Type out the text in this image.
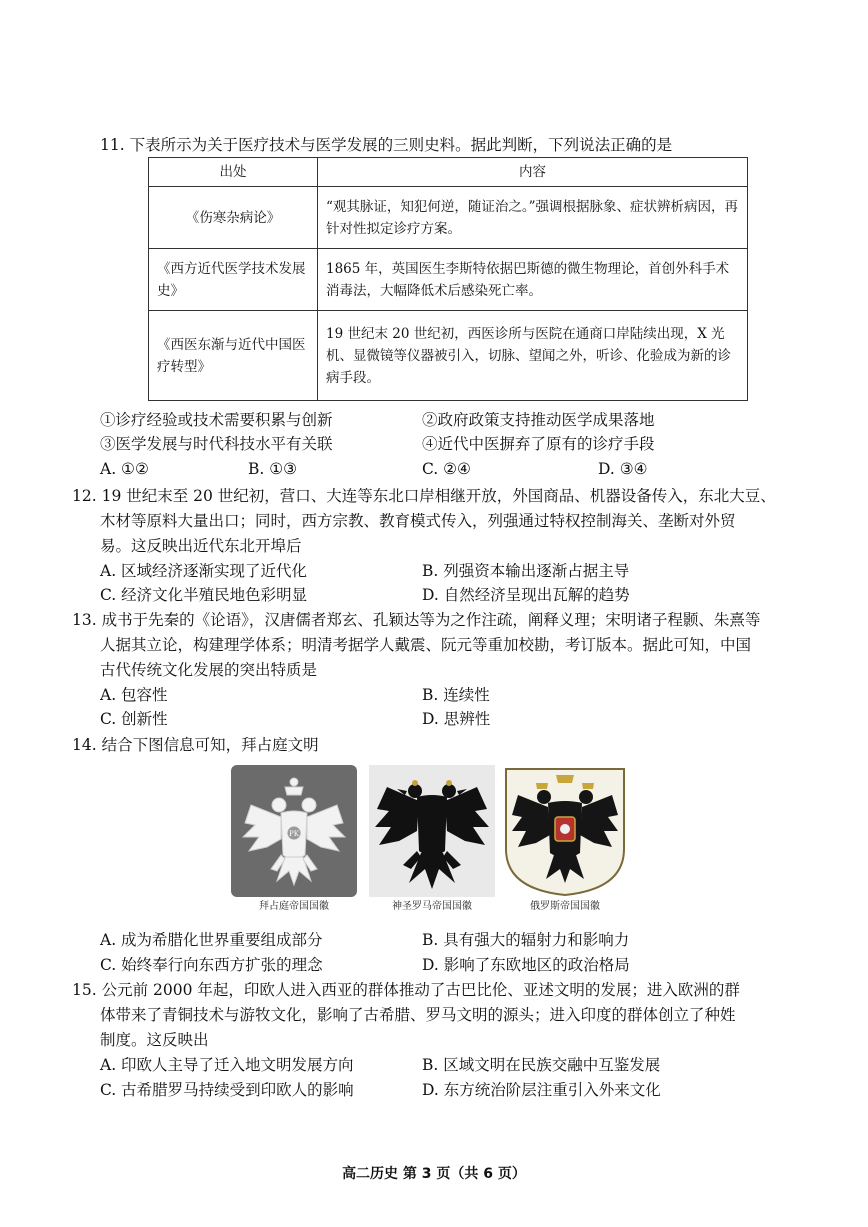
11. 下表所示为关于医疗技术与医学发展的三则史料。据此判断，下列说法正确的是
出处	内容
《伤寒杂病论》	“观其脉证，知犯何逆，随证治之。”强调根据脉象、症状辨析病因，再针对性拟定诊疗方案。
《西方近代医学技术发展史》	1865 年，英国医生李斯特依据巴斯德的微生物理论，首创外科手术消毒法，大幅降低术后感染死亡率。
《西医东渐与近代中国医疗转型》	19 世纪末 20 世纪初，西医诊所与医院在通商口岸陆续出现，X 光机、显微镜等仪器被引入，切脉、望闻之外，听诊、化验成为新的诊病手段。
①诊疗经验或技术需要积累与创新	②政府政策支持推动医学成果落地
③医学发展与时代科技水平有关联	④近代中医摒弃了原有的诊疗手段
A. ①②	B. ①③	C. ②④	D. ③④
12. 19 世纪末至 20 世纪初，营口、大连等东北口岸相继开放，外国商品、机器设备传入，东北大豆、
木材等原料大量出口；同时，西方宗教、教育模式传入，列强通过特权控制海关、垄断对外贸
易。这反映出近代东北开埠后
A. 区域经济逐渐实现了近代化	B. 列强资本输出逐渐占据主导
C. 经济文化半殖民地色彩明显	D. 自然经济呈现出瓦解的趋势
13. 成书于先秦的《论语》，汉唐儒者郑玄、孔颖达等为之作注疏，阐释义理；宋明诸子程颢、朱熹等
人据其立论，构建理学体系；明清考据学人戴震、阮元等重加校勘，考订版本。据此可知，中国
古代传统文化发展的突出特质是
A. 包容性	B. 连续性
C. 创新性	D. 思辨性
14. 结合下图信息可知，拜占庭文明
PK
拜占庭帝国国徽	神圣罗马帝国国徽	俄罗斯帝国国徽
A. 成为希腊化世界重要组成部分	B. 具有强大的辐射力和影响力
C. 始终奉行向东西方扩张的理念	D. 影响了东欧地区的政治格局
15. 公元前 2000 年起，印欧人进入西亚的群体推动了古巴比伦、亚述文明的发展；进入欧洲的群
体带来了青铜技术与游牧文化，影响了古希腊、罗马文明的源头；进入印度的群体创立了种姓
制度。这反映出
A. 印欧人主导了迁入地文明发展方向	B. 区域文明在民族交融中互鉴发展
C. 古希腊罗马持续受到印欧人的影响	D. 东方统治阶层注重引入外来文化
高二历史 第 3 页（共 6 页）
